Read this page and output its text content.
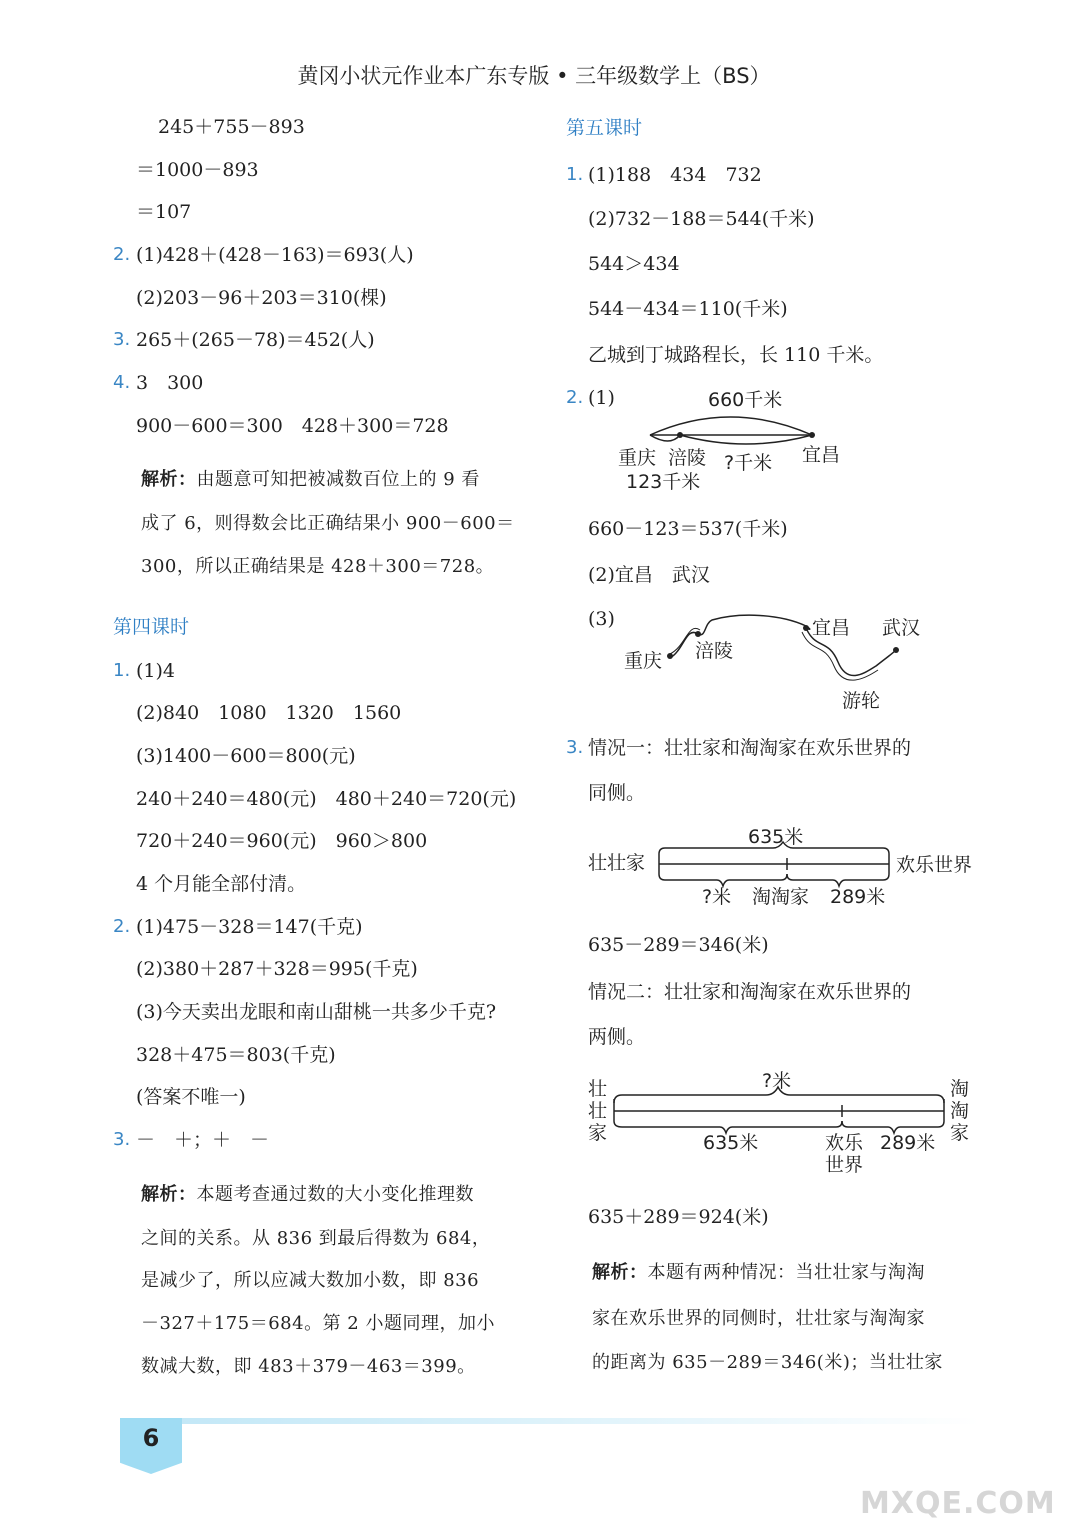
黄冈小状元作业本广东专版 • 三年级数学上（BS）
245＋755－893
＝1000－893
＝107
2. (1)428＋(428－163)＝693(人)
(2)203－96＋203＝310(棵)
3. 265＋(265－78)＝452(人)
4. 3　300
900－600＝300　428＋300＝728
解析：由题意可知把被减数百位上的 9 看
成了 6，则得数会比正确结果小 900－600＝
300，所以正确结果是 428＋300＝728。
第四课时
1. (1)4
(2)840　1080　1320　1560
(3)1400－600＝800(元)
240＋240＝480(元)　480＋240＝720(元)
720＋240＝960(元)　960＞800
4 个月能全部付清。
2. (1)475－328＝147(千克)
(2)380＋287＋328＝995(千克)
(3)今天卖出龙眼和南山甜桃一共多少千克?
328＋475＝803(千克)
(答案不唯一)
3. －　＋；＋　－
解析：本题考查通过数的大小变化推理数
之间的关系。从 836 到最后得数为 684，
是减少了，所以应减大数加小数，即 836
－327＋175＝684。第 2 小题同理，加小
数减大数，即 483＋379－463＝399。
第五课时
1. (1)188　434　732
(2)732－188＝544(千米)
544＞434
544－434＝110(千米)
乙城到丁城路程长，长 110 千米。
2. (1)	660千米
重庆 涪陵 ?千米 宜昌
123千米
660－123＝537(千米)
(2)宜昌　武汉
(3)
重庆 涪陵
宜昌 武汉
游轮
3. 情况一：壮壮家和淘淘家在欢乐世界的
同侧。
635米
壮壮家	欢乐世界
?米 淘淘家 289米
635－289＝346(米)
情况二：壮壮家和淘淘家在欢乐世界的
两侧。
?米
壮壮家
淘淘家
635米	欢乐世界
289米
635＋289＝924(米)
解析：本题有两种情况：当壮壮家与淘淘
家在欢乐世界的同侧时，壮壮家与淘淘家
的距离为 635－289＝346(米)；当壮壮家
6
MXQE.COM
